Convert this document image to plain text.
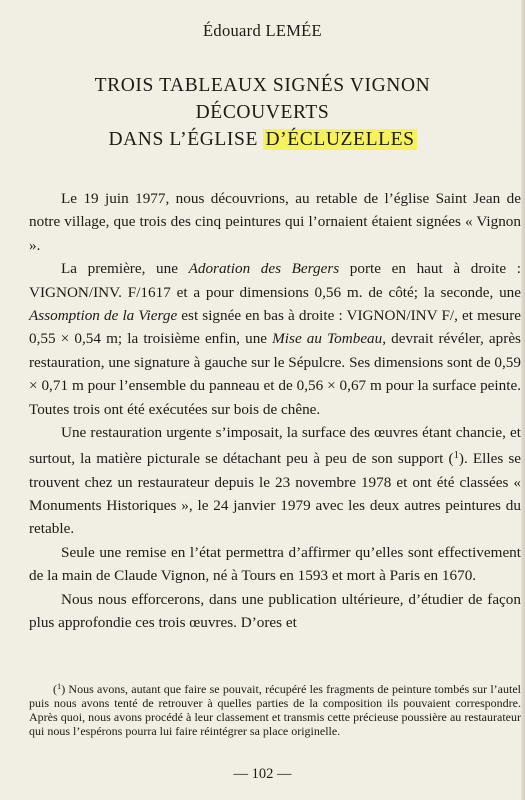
Édouard LEMÉE
TROIS TABLEAUX SIGNÉS VIGNON
DÉCOUVERTS
DANS L’ÉGLISE D’ÉCLUZELLES

Le 19 juin 1977, nous découvrions, au retable de l’église Saint Jean de notre village, que trois des cinq peintures qui l’ornaient étaient signées « Vignon ».

La première, une Adoration des Bergers porte en haut à droite : VIGNON/INV. F/1617 et a pour dimensions 0,56 m. de côté; la seconde, une Assomption de la Vierge est signée en bas à droite : VIGNON/INV F/, et mesure 0,55 × 0,54 m; la troisième enfin, une Mise au Tombeau, devrait révéler, après restauration, une signature à gauche sur le Sépulcre. Ses dimensions sont de 0,59 × 0,71 m pour l’ensemble du panneau et de 0,56 × 0,67 m pour la surface peinte. Toutes trois ont été exécutées sur bois de chêne.

Une restauration urgente s’imposait, la surface des œuvres étant chancie, et surtout, la matière picturale se détachant peu à peu de son support ($^1$). Elles se trouvent chez un restaurateur depuis le 23 novembre 1978 et ont été classées « Monuments Historiques », le 24 janvier 1979 avec les deux autres peintures du retable.

Seule une remise en l’état permettra d’affirmer qu’elles sont effectivement de la main de Claude Vignon, né à Tours en 1593 et mort à Paris en 1670.

Nous nous efforcerons, dans une publication ultérieure, d’étudier de façon plus approfondie ces trois œuvres. D’ores et

($^1$) Nous avons, autant que faire se pouvait, récupéré les fragments de peinture tombés sur l’autel puis nous avons tenté de retrouver à quelles parties de la composition ils pouvaient correspondre. Après quoi, nous avons procédé à leur classement et transmis cette précieuse poussière au restaurateur qui nous l’espérons pourra lui faire réintégrer sa place originelle.

— 102 —
